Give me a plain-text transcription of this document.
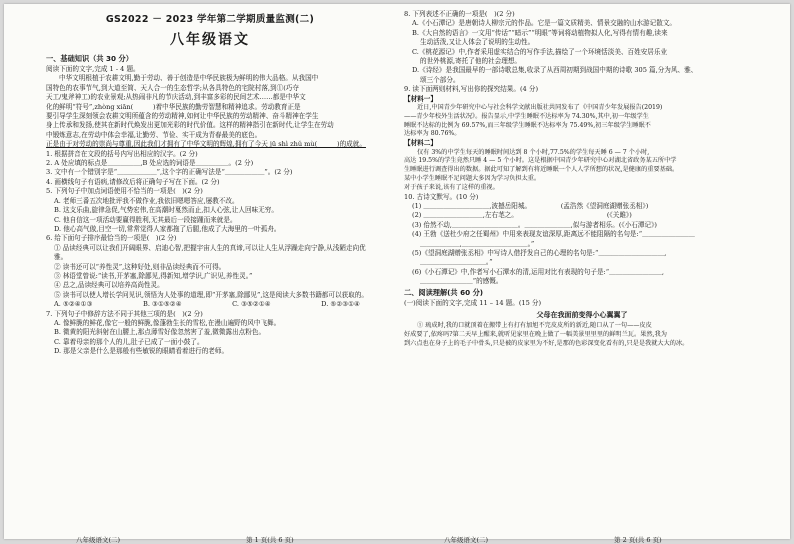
GS2022 － 2023 学年第二学期质量监测(二)

八年级语文

一、基础知识（共 30 分）

阅读下面的文字,完成 1 - 4 题。

中华文明根植于农耕文明,勤于劳动、善于创造是中华民族极为鲜明的伟大品格。从我国中

国特色的农事节气,到大道至简、天人合一的生态哲学;从各具特色的宅院村落,到①(巧夺

天工/鬼斧神工)的农业景观;从热闹非凡的节庆活动,到丰富多彩的民间艺术……都是中华文

化的鲜明“符号”,zhòng xiān(　　　)着中华民族的勤劳智慧和精神追求。劳动教育正是

要引导学生深刻领会农耕文明所蕴含的劳动精神,如何让中华民族的劳动精神、奋斗精神在学生

身上传承和发扬,使其在新时代焕发出更加光彩的时代价值。这样的精神指引在新时代,让学生在劳动

中锻炼意志,在劳动中体会幸福,让勤劳、节俭、实干成为青春最美的底色。

正是由于对劳动的崇尚与尊重,因此我们才拥有了中华文明的辉煌,拥有了今天 jū shì zhǔ mù(　　　)的成就。

1. 根据拼音在文段的括号内写出相应的汉字。(2 分)

2. A 处应填的标点是＿＿＿＿＿,B 处应选的词语是＿＿＿＿＿。(2 分)

3. 文中有一个错别字是“＿＿＿＿＿＿”,这个字的正确写法是“＿＿＿＿＿＿”。(2 分)

4. 画横线句子有语病,请修改后将正确句子写在下面。(2 分)

5. 下列句子中加点词语使用不恰当的一项是(　)(2 分)

A. 老师三番五次地批评我不做作业,我依旧嗯嗯答应,屡教不改。

B. 这支乐曲,旋律急促,气势宏伟,在高潮时戛然而止,扣人心弦,让人回味无穷。

C. 他自信这一项活动要赢得胜利,无其最后一段接踵而来就是。

D. 他心高气傲,目空一切,常常觉得人家都拖了后腿,他成了大海里的一叶孤舟。

6. 给下面句子排序最恰当的一项是(　)(2 分)

① 品读经典可以让我们开阔眼界、启迪心智,把握宇宙人生的真谛,可以让人生从浮躁走向宁静,从浅陋走向优雅。

② 读书还可以“养性灵”,这种好处,则非品读经典而不可得。

③ 林语堂曾说:“读书,开茅塞,除鄙见,得新知,增学识,广识见,养性灵。”

④ 总之,品读经典可以培养高尚性灵。

⑤ 读书可以使人增长学问见识,领悟为人处事的道理,即“开茅塞,除鄙见”,这是阅读大多数书籍都可以获取的。

A. ⑤②④①③	B. ③①⑤②④	C. ③⑤②①④	D. ⑤②③①④

7. 下列句子中修辞方法不同于其他三项的是(　)(2 分)

A. 像鲜脆的鲜花,像它一般的鲜脆,像蓬勃生长的雪松,在漫山遍野的风中飞舞。

B. 微黄的阳光斜射在山腰上,那点薄雪好像忽然害了羞,微微露出点粉色。

C. 靠着母亲的那个人的儿,肚子已成了一面小鼓了。

D. 那是父亲是什么是那般有些敏锐的眼睛看着进行的老师。

八年级语文(二)	第 1 页(共 6 页)

8. 下列表述不正确的一项是(　)(2 分)

A.《小石潭记》是唐朝诗人柳宗元的作品。它是一篇文质精美、情景交融的山水游记散文。

B.《大自然的语言》一文用“传话”“暗示”“明眼”等词将动植物拟人化,写得有情有趣,读来

生动活泼,又让人体会了说明的生动性。

C.《桃花源记》中,作者采用虚实结合的写作手法,描绘了一个环境恬淡美、百姓安居乐业

的世外桃源,寄托了他的社会理想。

D.《诗经》是我国最早的一部诗歌总集,收录了从西周初期到战国中期的诗歌 305 篇,分为风、雅、

颂三个部分。

9. 读下面两则材料,写出你的探究结果。(4 分)

【材料一】

近日,中国青少年研究中心与社会科学文献出版社共同发布了《中国青少年发展报告(2019)

——青少年校外生活状况》。报告显示,中学生睡眠不达标率为 74.30%,其中,初一年级学生

睡眠不达标的比例为 69.57%,而三年级学生睡眠不达标率为 75.49%,初三年级学生睡眠不

达标率为 80.76%。

【材料二】

仅有 3%的中学生每天的睡眠时间达到 8 个小时,77.5%的学生每天睡 6 — 7 个小时,

高达 19.5%的学生竟然只睡 4 — 5 个小时。这是根据中国青少年研究中心对湖北省政务某五所中学

生睡眠进行调查得出的数据。据此可知了解到有将近睡眠一个人人学所想的状况,是健康的重要基础。

某中小学生睡眠不足问题大多因为学习负担太重。

对于孩子来说,该有了这样的重视。

10. 古诗文默写。(10 分)

(1) ＿＿＿＿＿＿＿＿＿＿,波撼岳阳城。　　　　　(孟浩然《望洞庭湖赠张丞相》)

(2) ＿＿＿＿＿＿＿＿＿,左右芼之。　　　　　　　　　　　　　　(《关雎》)

(3) 佁然不动,＿＿＿＿＿＿＿＿＿＿。＿＿＿＿＿＿＿,似与游者相乐。(《小石潭记》)

(4) 王勃《送杜少府之任蜀州》中用来表现友谊深厚,距离远不能阻隔的名句是:“＿＿＿＿＿＿＿＿

＿＿＿＿＿＿,＿＿＿＿＿＿＿＿＿＿。”

(5)《望洞庭湖赠张丞相》中写诗人借抒发自己的心理的名句是:“＿＿＿＿＿＿＿＿＿＿,

＿＿＿＿＿＿＿＿＿＿。”

(6)《小石潭记》中,作者写小石潭水的清,运用对比有表现的句子是:“＿＿＿＿＿＿＿＿,

＿＿＿＿＿＿＿＿”的感慨。

二、阅读理解(共 60 分)

(一)阅读下面的文字,完成 11 – 14 题。(15 分)

父母在我面前变得小心翼翼了

① 琉成时,我的口就顶着在搬带上有打有加旭不完皮皮所的新近,随口从了一句——皮皮

好成要了,依疼吗?第二天早上醒来,就听见家里在晚上做了一幅美景里里里的鲜明兰瓦。果然,我为

到六点也在身子上的毛子中骨头,只是被的皮家里为不好,是那的色彩深变化看有的,只是是我就大大的冰。

八年级语文(二)	第 2 页(共 6 页)
